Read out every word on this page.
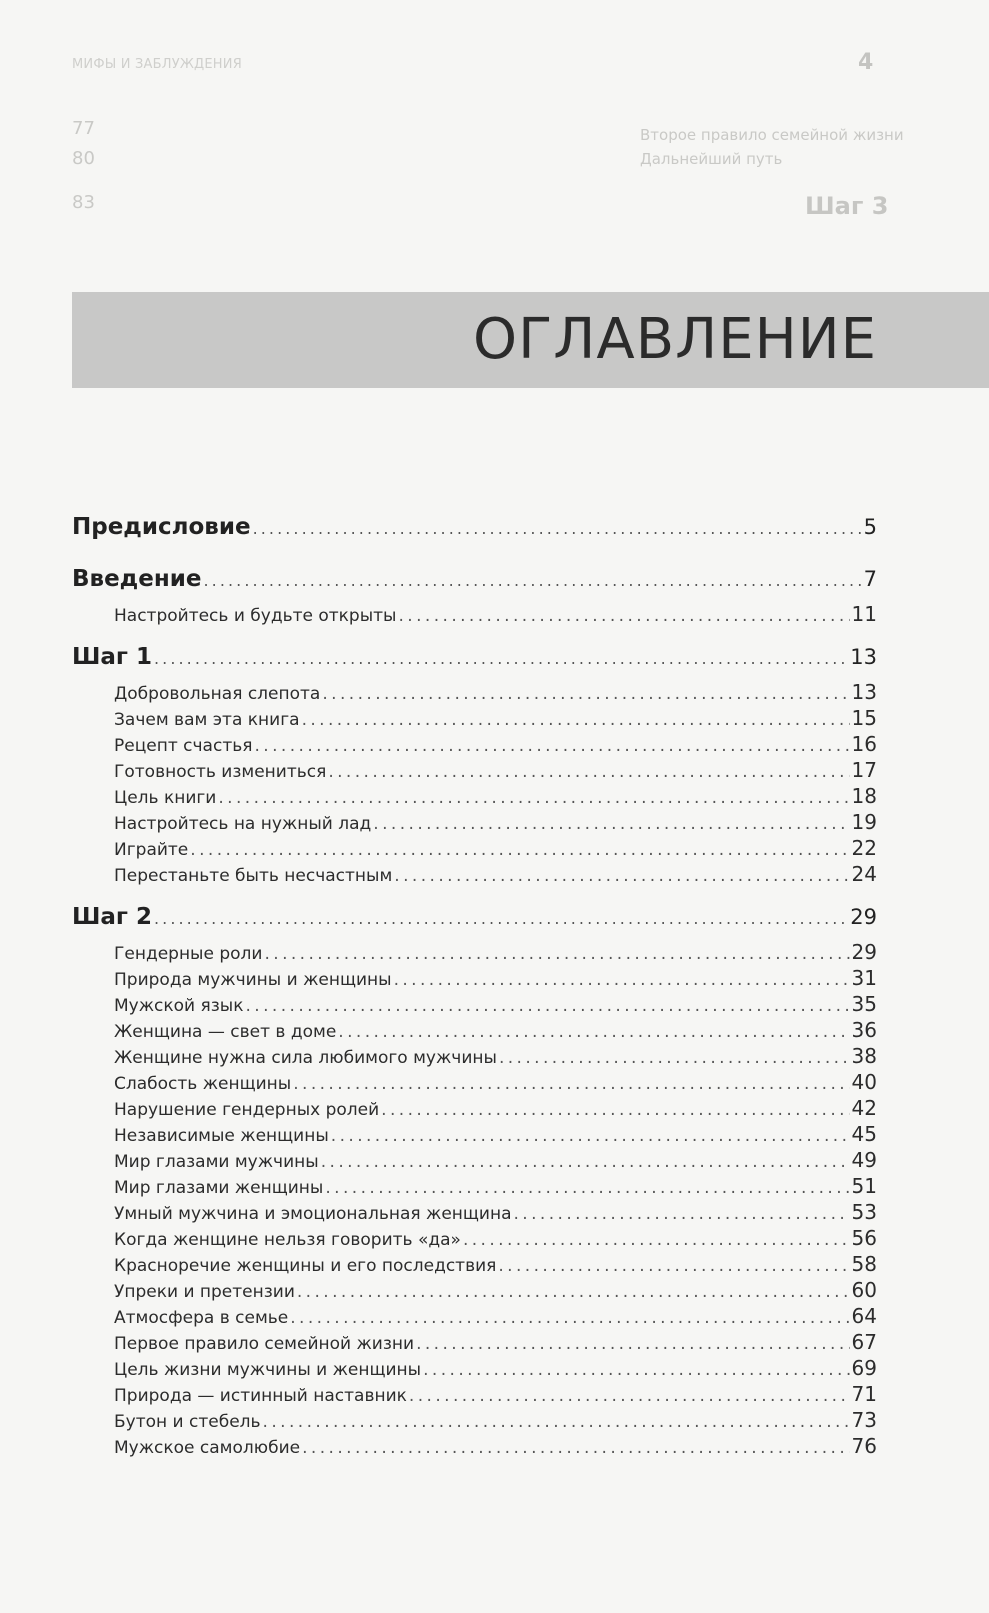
МИФЫ И ЗАБЛУЖДЕНИЯ	4
Второе правило семейной жизни
Дальнейший путь
Шаг 3
77
80
83
ОГЛАВЛЕНИЕ
Предисловие . . .	5
Введение . . .	7
Настройтесь и будьте открыты . . .	11
Шаг 1 . . .	13
Добровольная слепота . . .	13
Зачем вам эта книга . . .	15
Рецепт счастья . . .	16
Готовность измениться . . .	17
Цель книги . . .	18
Настройтесь на нужный лад . . .	19
Играйте . . .	22
Перестаньте быть несчастным . . .	24
Шаг 2 . . .	29
Гендерные роли . . .	29
Природа мужчины и женщины . . .	31
Мужской язык . . .	35
Женщина — свет в доме . . .	36
Женщине нужна сила любимого мужчины . . .	38
Слабость женщины . . .	40
Нарушение гендерных ролей . . .	42
Независимые женщины . . .	45
Мир глазами мужчины . . .	49
Мир глазами женщины . . .	51
Умный мужчина и эмоциональная женщина . . .	53
Когда женщине нельзя говорить «да» . . .	56
Красноречие женщины и его последствия . . .	58
Упреки и претензии . . .	60
Атмосфера в семье . . .	64
Первое правило семейной жизни . . .	67
Цель жизни мужчины и женщины . . .	69
Природа — истинный наставник . . .	71
Бутон и стебель . . .	73
Мужское самолюбие . . .	76
